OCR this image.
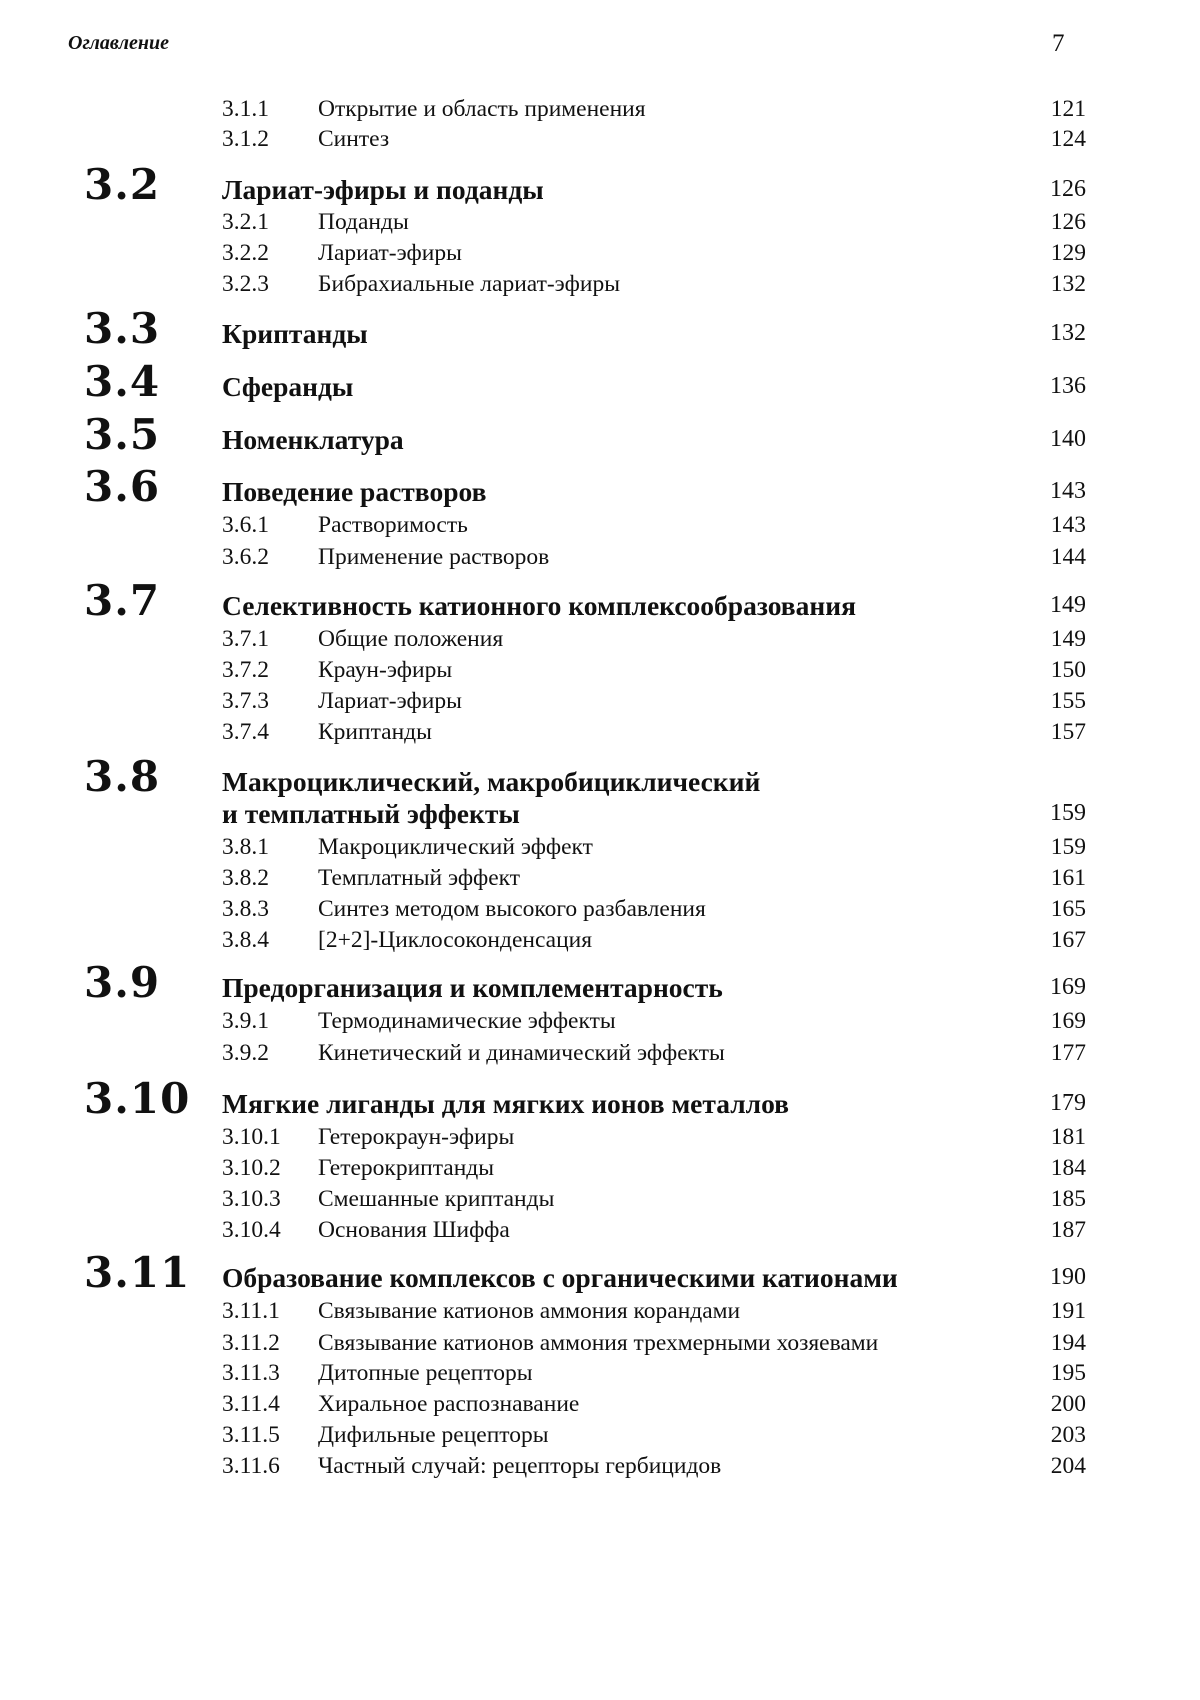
Оглавление	7
3.1.1 Открытие и область применения	121
3.1.2 Синтез	124
3.2	Лариат-эфиры и поданды	126
3.2.1 Поданды	126
3.2.2 Лариат-эфиры	129
3.2.3 Бибрахиальные лариат-эфиры	132
3.3	Криптанды	132
3.4	Сферанды	136
3.5	Номенклатура	140
3.6	Поведение растворов	143
3.6.1 Растворимость	143
3.6.2 Применение растворов	144
3.7	Селективность катионного комплексообразования	149
3.7.1 Общие положения	149
3.7.2 Краун-эфиры	150
3.7.3 Лариат-эфиры	155
3.7.4 Криптанды	157
3.8	Макроциклический, макробициклический
и темплатный эффекты	159
3.8.1 Макроциклический эффект	159
3.8.2 Темплатный эффект	161
3.8.3 Синтез методом высокого разбавления	165
3.8.4 [2+2]-Циклосоконденсация	167
3.9	Предорганизация и комплементарность	169
3.9.1 Термодинамические эффекты	169
3.9.2 Кинетический и динамический эффекты	177
3.10 Мягкие лиганды для мягких ионов металлов	179
3.10.1 Гетерокраун-эфиры	181
3.10.2 Гетерокриптанды	184
3.10.3 Смешанные криптанды	185
3.10.4 Основания Шиффа	187
3.11 Образование комплексов с органическими катионами	190
3.11.1 Связывание катионов аммония корандами	191
3.11.2 Связывание катионов аммония трехмерными хозяевами	194
3.11.3 Дитопные рецепторы	195
3.11.4 Хиральное распознавание	200
3.11.5 Дифильные рецепторы	203
3.11.6 Частный случай: рецепторы гербицидов	204
